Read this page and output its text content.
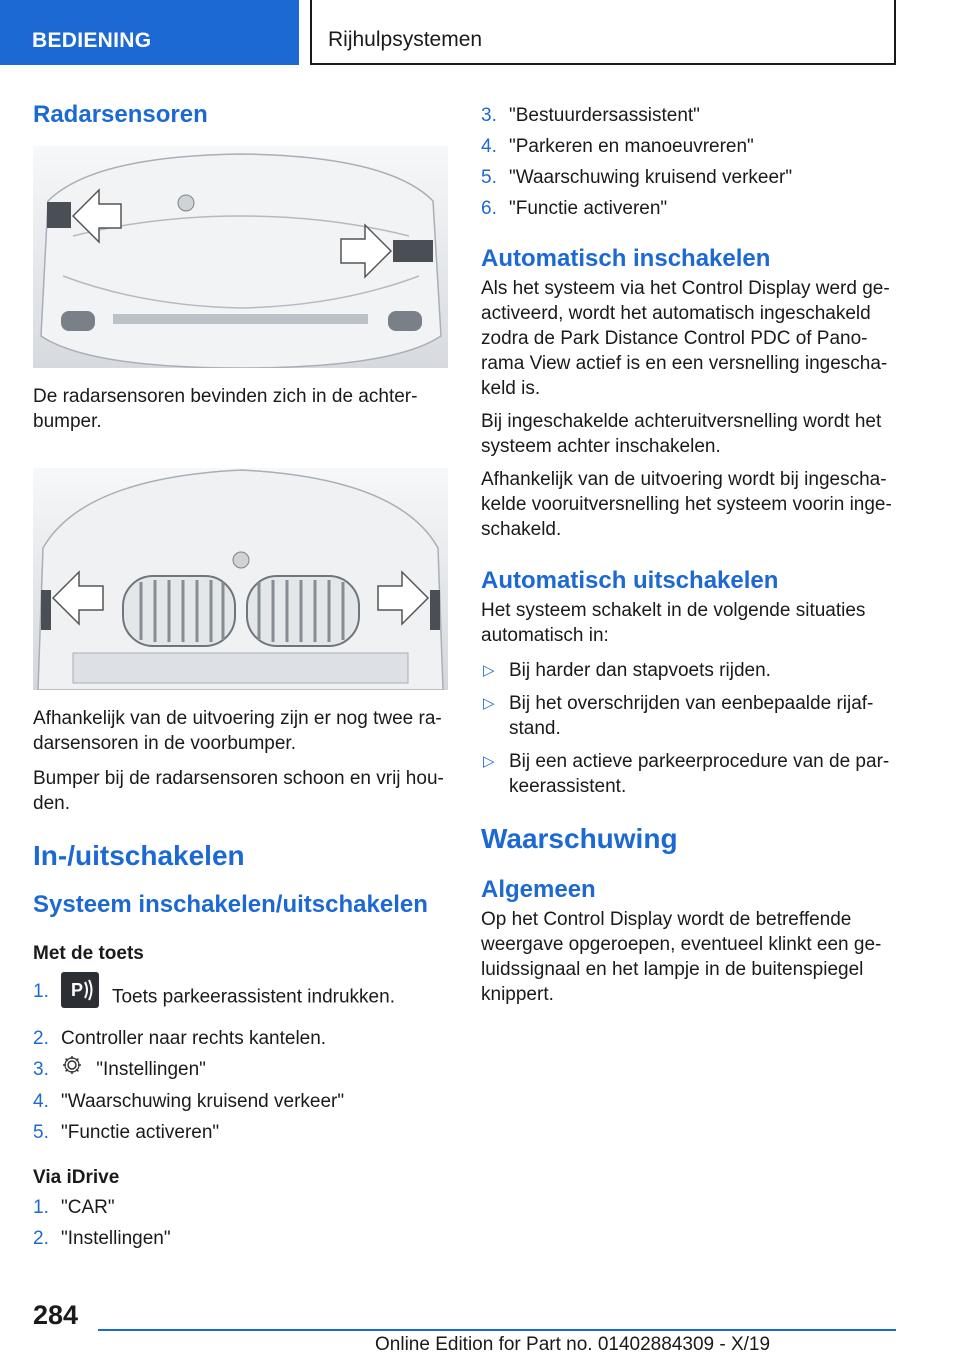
BEDIENING	Rijhulpsystemen
Radarsensoren

De radarsensoren bevinden zich in de achter-
bumper.

Afhankelijk van de uitvoering zijn er nog twee ra-
darsensoren in de voorbumper.

Bumper bij de radarsensoren schoon en vrij hou-
den.

In-/uitschakelen
Systeem inschakelen/uitschakelen
Met de toets
1. P Toets parkeerassistent indrukken.
2. Controller naar rechts kantelen.
3. "Instellingen"
4. "Waarschuwing kruisend verkeer"
5. "Functie activeren"
Via iDrive
1. "CAR"
2. "Instellingen"
3. "Bestuurdersassistent"
4. "Parkeren en manoeuvreren"
5. "Waarschuwing kruisend verkeer"
6. "Functie activeren"
Automatisch inschakelen

Als het systeem via het Control Display werd ge-
activeerd, wordt het automatisch ingeschakeld
zodra de Park Distance Control PDC of Pano-
rama View actief is en een versnelling ingescha-
keld is.

Bij ingeschakelde achteruitversnelling wordt het
systeem achter inschakelen.

Afhankelijk van de uitvoering wordt bij ingescha-
kelde vooruitversnelling het systeem voorin inge-
schakeld.

Automatisch uitschakelen

Het systeem schakelt in de volgende situaties
automatisch in:

▷ Bij harder dan stapvoets rijden.
▷ Bij het overschrijden van eenbepaalde rijaf-
stand.
▷ Bij een actieve parkeerprocedure van de par-
keerassistent.
Waarschuwing
Algemeen

Op het Control Display wordt de betreffende
weergave opgeroepen, eventueel klinkt een ge-
luidssignaal en het lampje in de buitenspiegel
knippert.

284
Online Edition for Part no. 01402884309 - X/19
